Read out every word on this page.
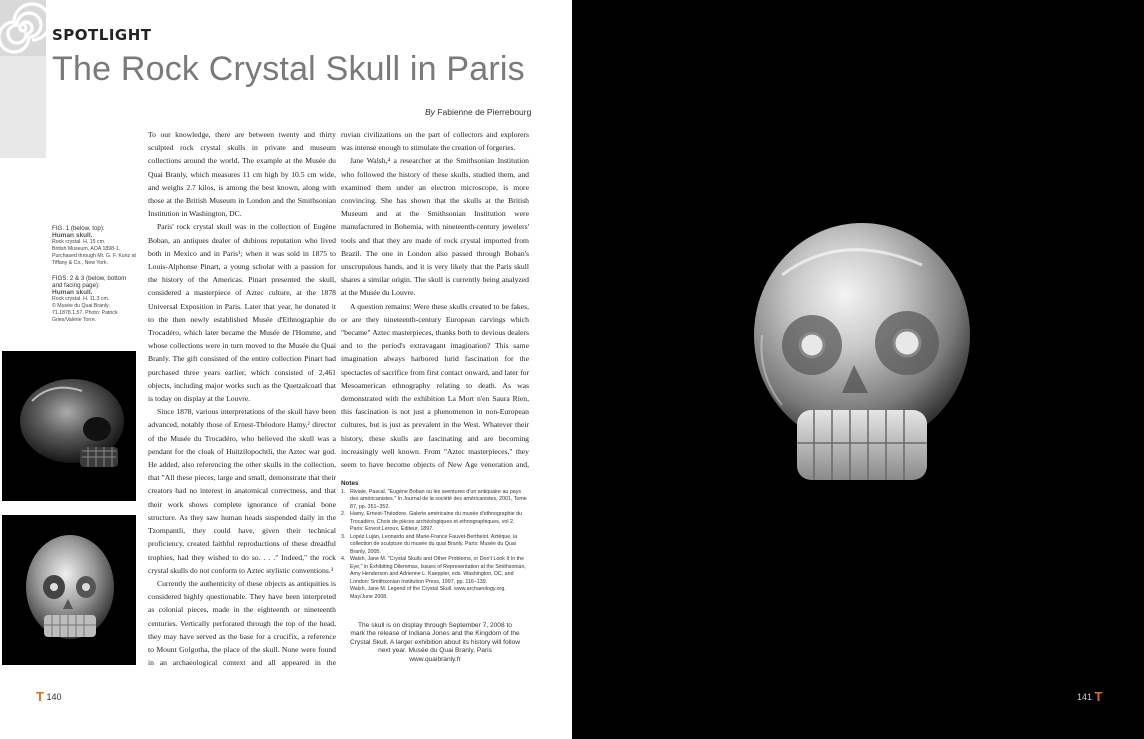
SPOTLIGHT
The Rock Crystal Skull in Paris
By Fabienne de Pierrebourg
FIG. 1 (below, top):
Human skull.
Rock crystal. H. 15 cm.
British Museum, AOA 1898-1.
Purchased through Mr. G. F. Kunz at
Tiffany & Co., New York.
FIGS. 2 & 3 (below, bottom
and facing page):
Human skull.
Rock crystal. H. 11.3 cm.
© Musée du Quai Branly,
71.1878.1.57. Photo: Patrick
Gries/Valérie Torre.

To our knowledge, there are between twenty and thirty sculpted rock crystal skulls in private and museum collections around the world. The example at the Musée du Quai Branly, which measures 11 cm high by 10.5 cm wide, and weighs 2.7 kilos, is among the best known, along with those at the British Museum in London and the Smithsonian Institution in Washington, DC.

Paris' rock crystal skull was in the collection of Eugène Boban, an antiques dealer of dubious reputation who lived both in Mexico and in Paris¹; when it was sold in 1875 to Louis-Alphonse Pinart, a young scholar with a passion for the history of the Americas. Pinart presented the skull, considered a masterpiece of Aztec culture, at the 1878 Universal Exposition in Paris. Later that year, he donated it to the then newly established Musée d'Ethnographie du Trocadéro, which later became the Musée de l'Homme, and whose collections were in turn moved to the Musée du Quai Branly. The gift consisted of the entire collection Pinart had purchased three years earlier, which consisted of 2,461 objects, including major works such as the Quetzalcoatl that is today on display at the Louvre.

Since 1878, various interpretations of the skull have been advanced, notably those of Ernest-Théodore Hamy,² director of the Musée du Trocadéro, who believed the skull was a pendant for the cloak of Huitzilopochtli, the Aztec war god. He added, also referencing the other skulls in the collection, that "All these pieces, large and small, demonstrate that their creators had no interest in anatomical correctness, and that their work shows complete ignorance of cranial bone structure. As they saw human heads suspended daily in the Tzompantli, they could have, given their technical proficiency, created faithful reproductions of these dreadful trophies, had they wished to do so. . . ." Indeed," the rock crystal skulls do not conform to Aztec stylistic conventions.³

Currently the authenticity of these objects as antiquities is considered highly questionable. They have been interpreted as colonial pieces, made in the eighteenth or nineteenth centuries. Vertically perforated through the top of the head, they may have served as the base for a crucifix, a reference to Mount Golgotha, the place of the skull. None were found in an archaeological context and all appeared in the

ruvian civilizations on the part of collectors and explorers was intense enough to stimulate the creation of forgeries.

Jane Walsh,⁴ a researcher at the Smithsonian Institution who followed the history of these skulls, studied them, and examined them under an electron microscope, is more convincing. She has shown that the skulls at the British Museum and at the Smithsonian Institution were manufactured in Bohemia, with nineteenth-century jewelers' tools and that they are made of rock crystal imported from Brazil. The one in London also passed through Boban's unscrupulous hands, and it is very likely that the Paris skull shares a similar origin. The skull is currently being analyzed at the Musée du Louvre.

A question remains: Were these skulls created to be fakes, or are they nineteenth-century European carvings which "became" Aztec masterpieces, thanks both to devious dealers and to the period's extravagant imagination? This same imagination always harbored lurid fascination for the spectacles of sacrifice from first contact onward, and later for Mesoamerican ethnography relating to death. As was demonstrated with the exhibition La Mort n'en Saura Rien, this fascination is not just a phenomenon in non-European cultures, but is just as prevalent in the West. Whatever their history, these skulls are fascinating and are becoming increasingly well known. From "Aztec masterpieces," they seem to have become objects of New Age veneration and,

Notes
1. Riviale, Pascal. "Eugène Boban ou les aventures d'un antiquaire au pays des américanistes." In Journal de la société des américanistes, 2001, Tome 87, pp. 351–352.
2. Hamy, Ernest-Théodore. Galerie américaine du musée d'ethnographie du Trocadéro, Choix de pièces archéologiques et ethnographiques, vol 2. Paris: Ernest Leroux, Editeur, 1897.
3. Lopéz Luján, Leonardo and Marie-France Fauvet-Berthelot. Aztèque, la collection de sculpture du musée du quai Branly. Paris: Musée du Quai Branly, 2005.
4. Walsh, Jane M. "Crystal Skulls and Other Problems, or Don't Look It In the Eye," in Exhibiting Dilemmas, Issues of Representation at the Smithsonian, Amy Henderson and Adrienne L. Kaeppler, eds. Washington, DC, and London: Smithsonian Institution Press, 1997, pp. 116–139.
Walsh, Jane M. Legend of the Crystal Skull. www.archaeology.org. May/June 2008.
The skull is on display through September 7, 2008 to
mark the release of Indiana Jones and the Kingdom of the
Crystal Skull. A larger exhibition about its history will follow
next year. Musée du Quai Branly, Paris
www.quaibranly.fr
T 140	141 T
